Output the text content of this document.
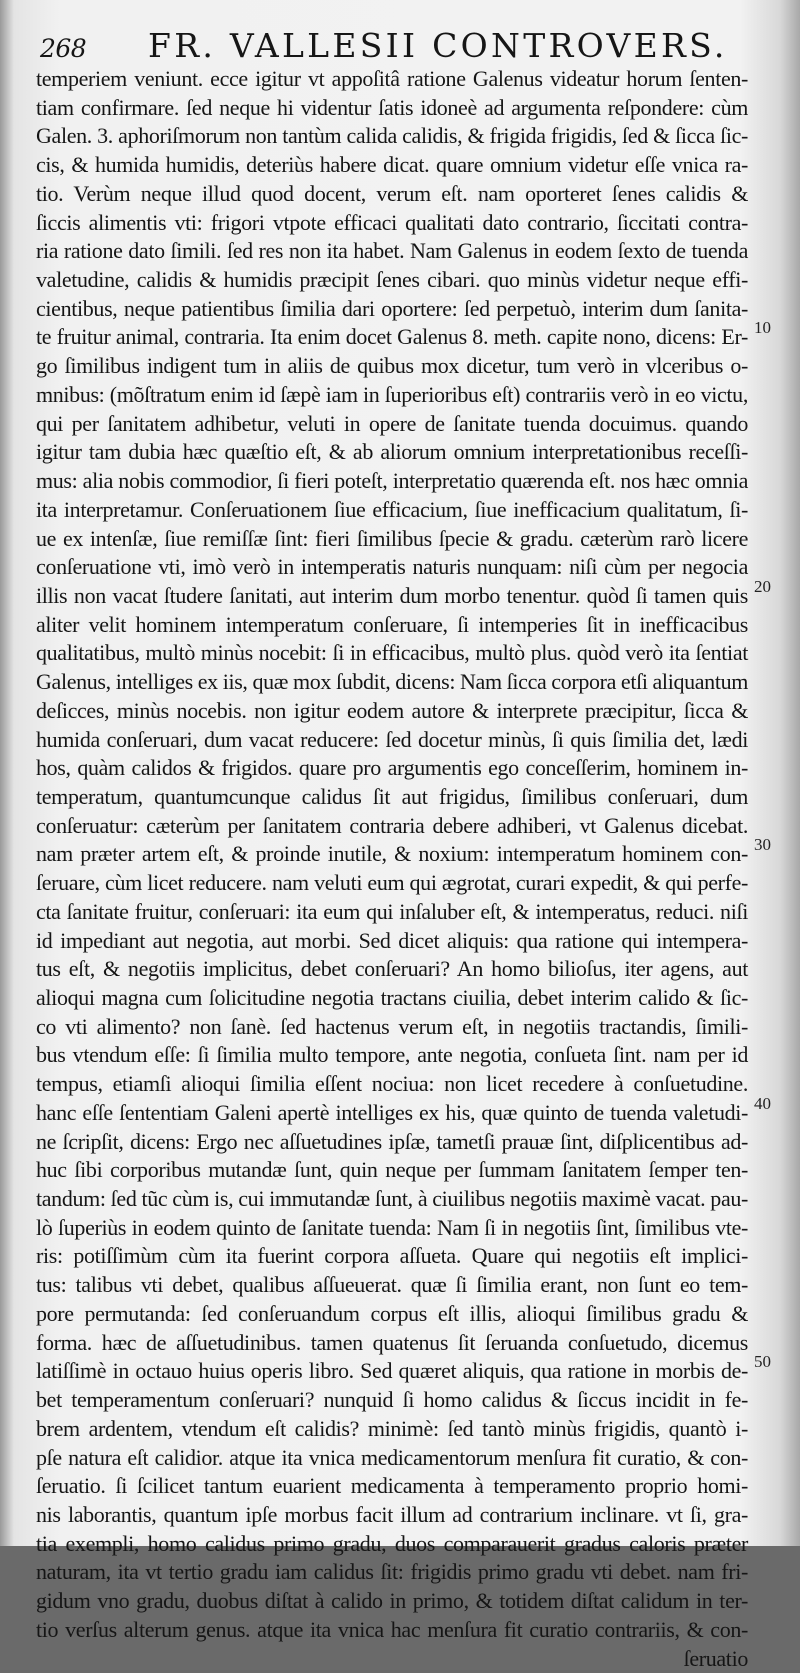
268 FR. VALLESII CONTROVERS.
temperiem veniunt. ecce igitur vt appoſitâ ratione Galenus videatur horum ſenten-
tiam confirmare. ſed neque hi videntur ſatis idoneè ad argumenta reſpondere: cùm
Galen. 3. aphoriſmorum non tantùm calida calidis, & frigida frigidis, ſed & ſicca ſic-
cis, & humida humidis, deteriùs habere dicat. quare omnium videtur eſſe vnica ra-
tio. Verùm neque illud quod docent, verum eſt. nam oporteret ſenes calidis &
ſiccis alimentis vti: frigori vtpote efficaci qualitati dato contrario, ſiccitati contra-
ria ratione dato ſimili. ſed res non ita habet. Nam Galenus in eodem ſexto de tuenda
valetudine, calidis & humidis præcipit ſenes cibari. quo minùs videtur neque effi-
cientibus, neque patientibus ſimilia dari oportere: ſed perpetuò, interim dum ſanita-
te fruitur animal, contraria. Ita enim docet Galenus 8. meth. capite nono, dicens: Er-
go ſimilibus indigent tum in aliis de quibus mox dicetur, tum verò in vlceribus o-
mnibus: (mõſtratum enim id ſæpè iam in ſuperioribus eſt) contrariis verò in eo victu,
qui per ſanitatem adhibetur, veluti in opere de ſanitate tuenda docuimus. quando
igitur tam dubia hæc quæſtio eſt, & ab aliorum omnium interpretationibus receſſi-
mus: alia nobis commodior, ſi fieri poteſt, interpretatio quærenda eſt. nos hæc omnia
ita interpretamur. Conſeruationem ſiue efficacium, ſiue inefficacium qualitatum, ſi-
ue ex intenſæ, ſiue remiſſæ ſint: fieri ſimilibus ſpecie & gradu. cæterùm rarò licere
conſeruatione vti, imò verò in intemperatis naturis nunquam: niſi cùm per negocia
illis non vacat ſtudere ſanitati, aut interim dum morbo tenentur. quòd ſi tamen quis
aliter velit hominem intemperatum conſeruare, ſi intemperies ſit in inefficacibus
qualitatibus, multò minùs nocebit: ſi in efficacibus, multò plus. quòd verò ita ſentiat
Galenus, intelliges ex iis, quæ mox ſubdit, dicens: Nam ſicca corpora etſi aliquantum
deſicces, minùs nocebis. non igitur eodem autore & interprete præcipitur, ſicca &
humida conſeruari, dum vacat reducere: ſed docetur minùs, ſi quis ſimilia det, lædi
hos, quàm calidos & frigidos. quare pro argumentis ego conceſſerim, hominem in-
temperatum, quantumcunque calidus ſit aut frigidus, ſimilibus conſeruari, dum
conſeruatur: cæterùm per ſanitatem contraria debere adhiberi, vt Galenus dicebat.
nam præter artem eſt, & proinde inutile, & noxium: intemperatum hominem con-
ſeruare, cùm licet reducere. nam veluti eum qui ægrotat, curari expedit, & qui perfe-
cta ſanitate fruitur, conſeruari: ita eum qui inſaluber eſt, & intemperatus, reduci. niſi
id impediant aut negotia, aut morbi. Sed dicet aliquis: qua ratione qui intempera-
tus eſt, & negotiis implicitus, debet conſeruari? An homo bilioſus, iter agens, aut
alioqui magna cum ſolicitudine negotia tractans ciuilia, debet interim calido & ſic-
co vti alimento? non ſanè. ſed hactenus verum eſt, in negotiis tractandis, ſimili-
bus vtendum eſſe: ſi ſimilia multo tempore, ante negotia, conſueta ſint. nam per id
tempus, etiamſi alioqui ſimilia eſſent nociua: non licet recedere à conſuetudine.
hanc eſſe ſententiam Galeni apertè intelliges ex his, quæ quinto de tuenda valetudi-
ne ſcripſit, dicens: Ergo nec aſſuetudines ipſæ, tametſi prauæ ſint, diſplicentibus ad-
huc ſibi corporibus mutandæ ſunt, quin neque per ſummam ſanitatem ſemper ten-
tandum: ſed tũc cùm is, cui immutandæ ſunt, à ciuilibus negotiis maximè vacat. pau-
lò ſuperiùs in eodem quinto de ſanitate tuenda: Nam ſi in negotiis ſint, ſimilibus vte-
ris: potiſſimùm cùm ita fuerint corpora aſſueta. Quare qui negotiis eſt implici-
tus: talibus vti debet, qualibus aſſueuerat. quæ ſi ſimilia erant, non ſunt eo tem-
pore permutanda: ſed conſeruandum corpus eſt illis, alioqui ſimilibus gradu &
forma. hæc de aſſuetudinibus. tamen quatenus ſit ſeruanda conſuetudo, dicemus
latiſſimè in octauo huius operis libro. Sed quæret aliquis, qua ratione in morbis de-
bet temperamentum conſeruari? nunquid ſi homo calidus & ſiccus incidit in fe-
brem ardentem, vtendum eſt calidis? minimè: ſed tantò minùs frigidis, quantò i-
pſe natura eſt calidior. atque ita vnica medicamentorum menſura fit curatio, & con-
ſeruatio. ſi ſcilicet tantum euarient medicamenta à temperamento proprio homi-
nis laborantis, quantum ipſe morbus facit illum ad contrarium inclinare. vt ſi, gra-
tia exempli, homo calidus primo gradu, duos comparauerit gradus caloris præter
naturam, ita vt tertio gradu iam calidus ſit: frigidis primo gradu vti debet. nam fri-
gidum vno gradu, duobus diſtat à calido in primo, & totidem diſtat calidum in ter-
tio verſus alterum genus. atque ita vnica hac menſura fit curatio contrariis, & con-
ſeruatio
10
20
30
40
50
